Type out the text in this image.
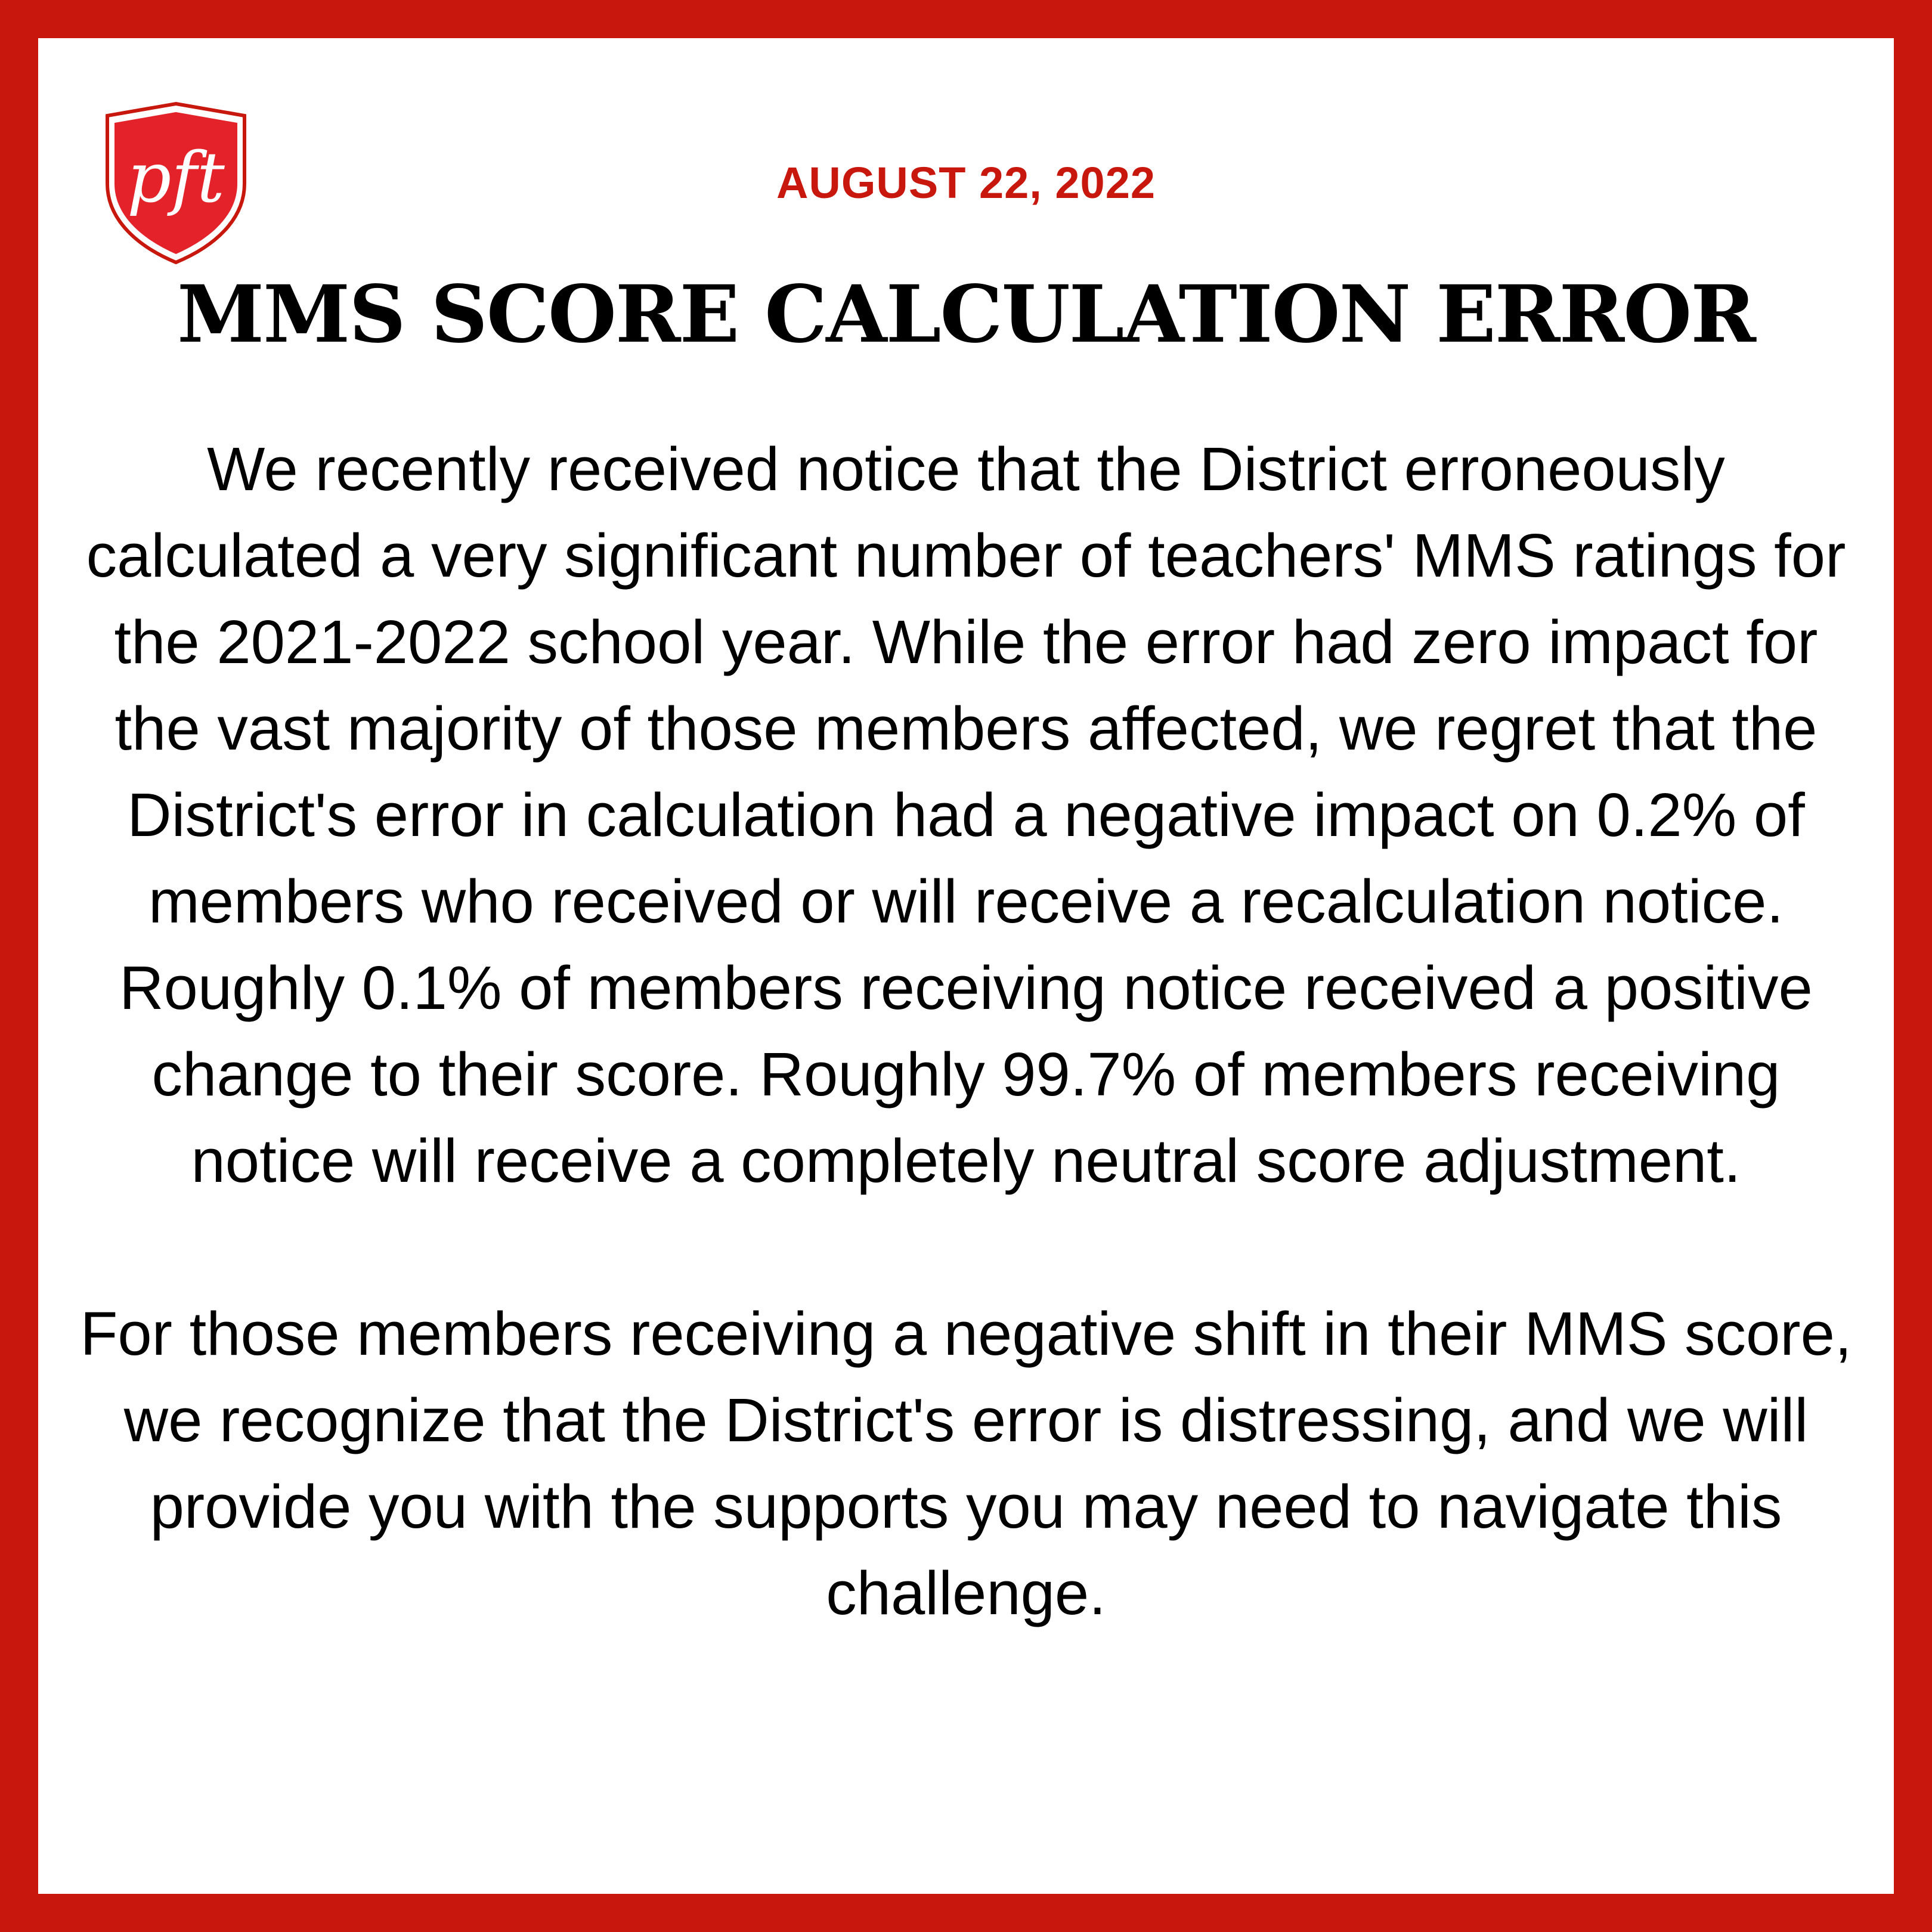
pft	AUGUST 22, 2022
MMS SCORE CALCULATION ERROR

We recently received notice that the District erroneously calculated a very significant number of teachers' MMS ratings for the 2021-2022 school year. While the error had zero impact for the vast majority of those members affected, we regret that the District's error in calculation had a negative impact on 0.2% of members who received or will receive a recalculation notice. Roughly 0.1% of members receiving notice received a positive change to their score. Roughly 99.7% of members receiving notice will receive a completely neutral score adjustment.

For those members receiving a negative shift in their MMS score, we recognize that the District's error is distressing, and we will provide you with the supports you may need to navigate this challenge.
